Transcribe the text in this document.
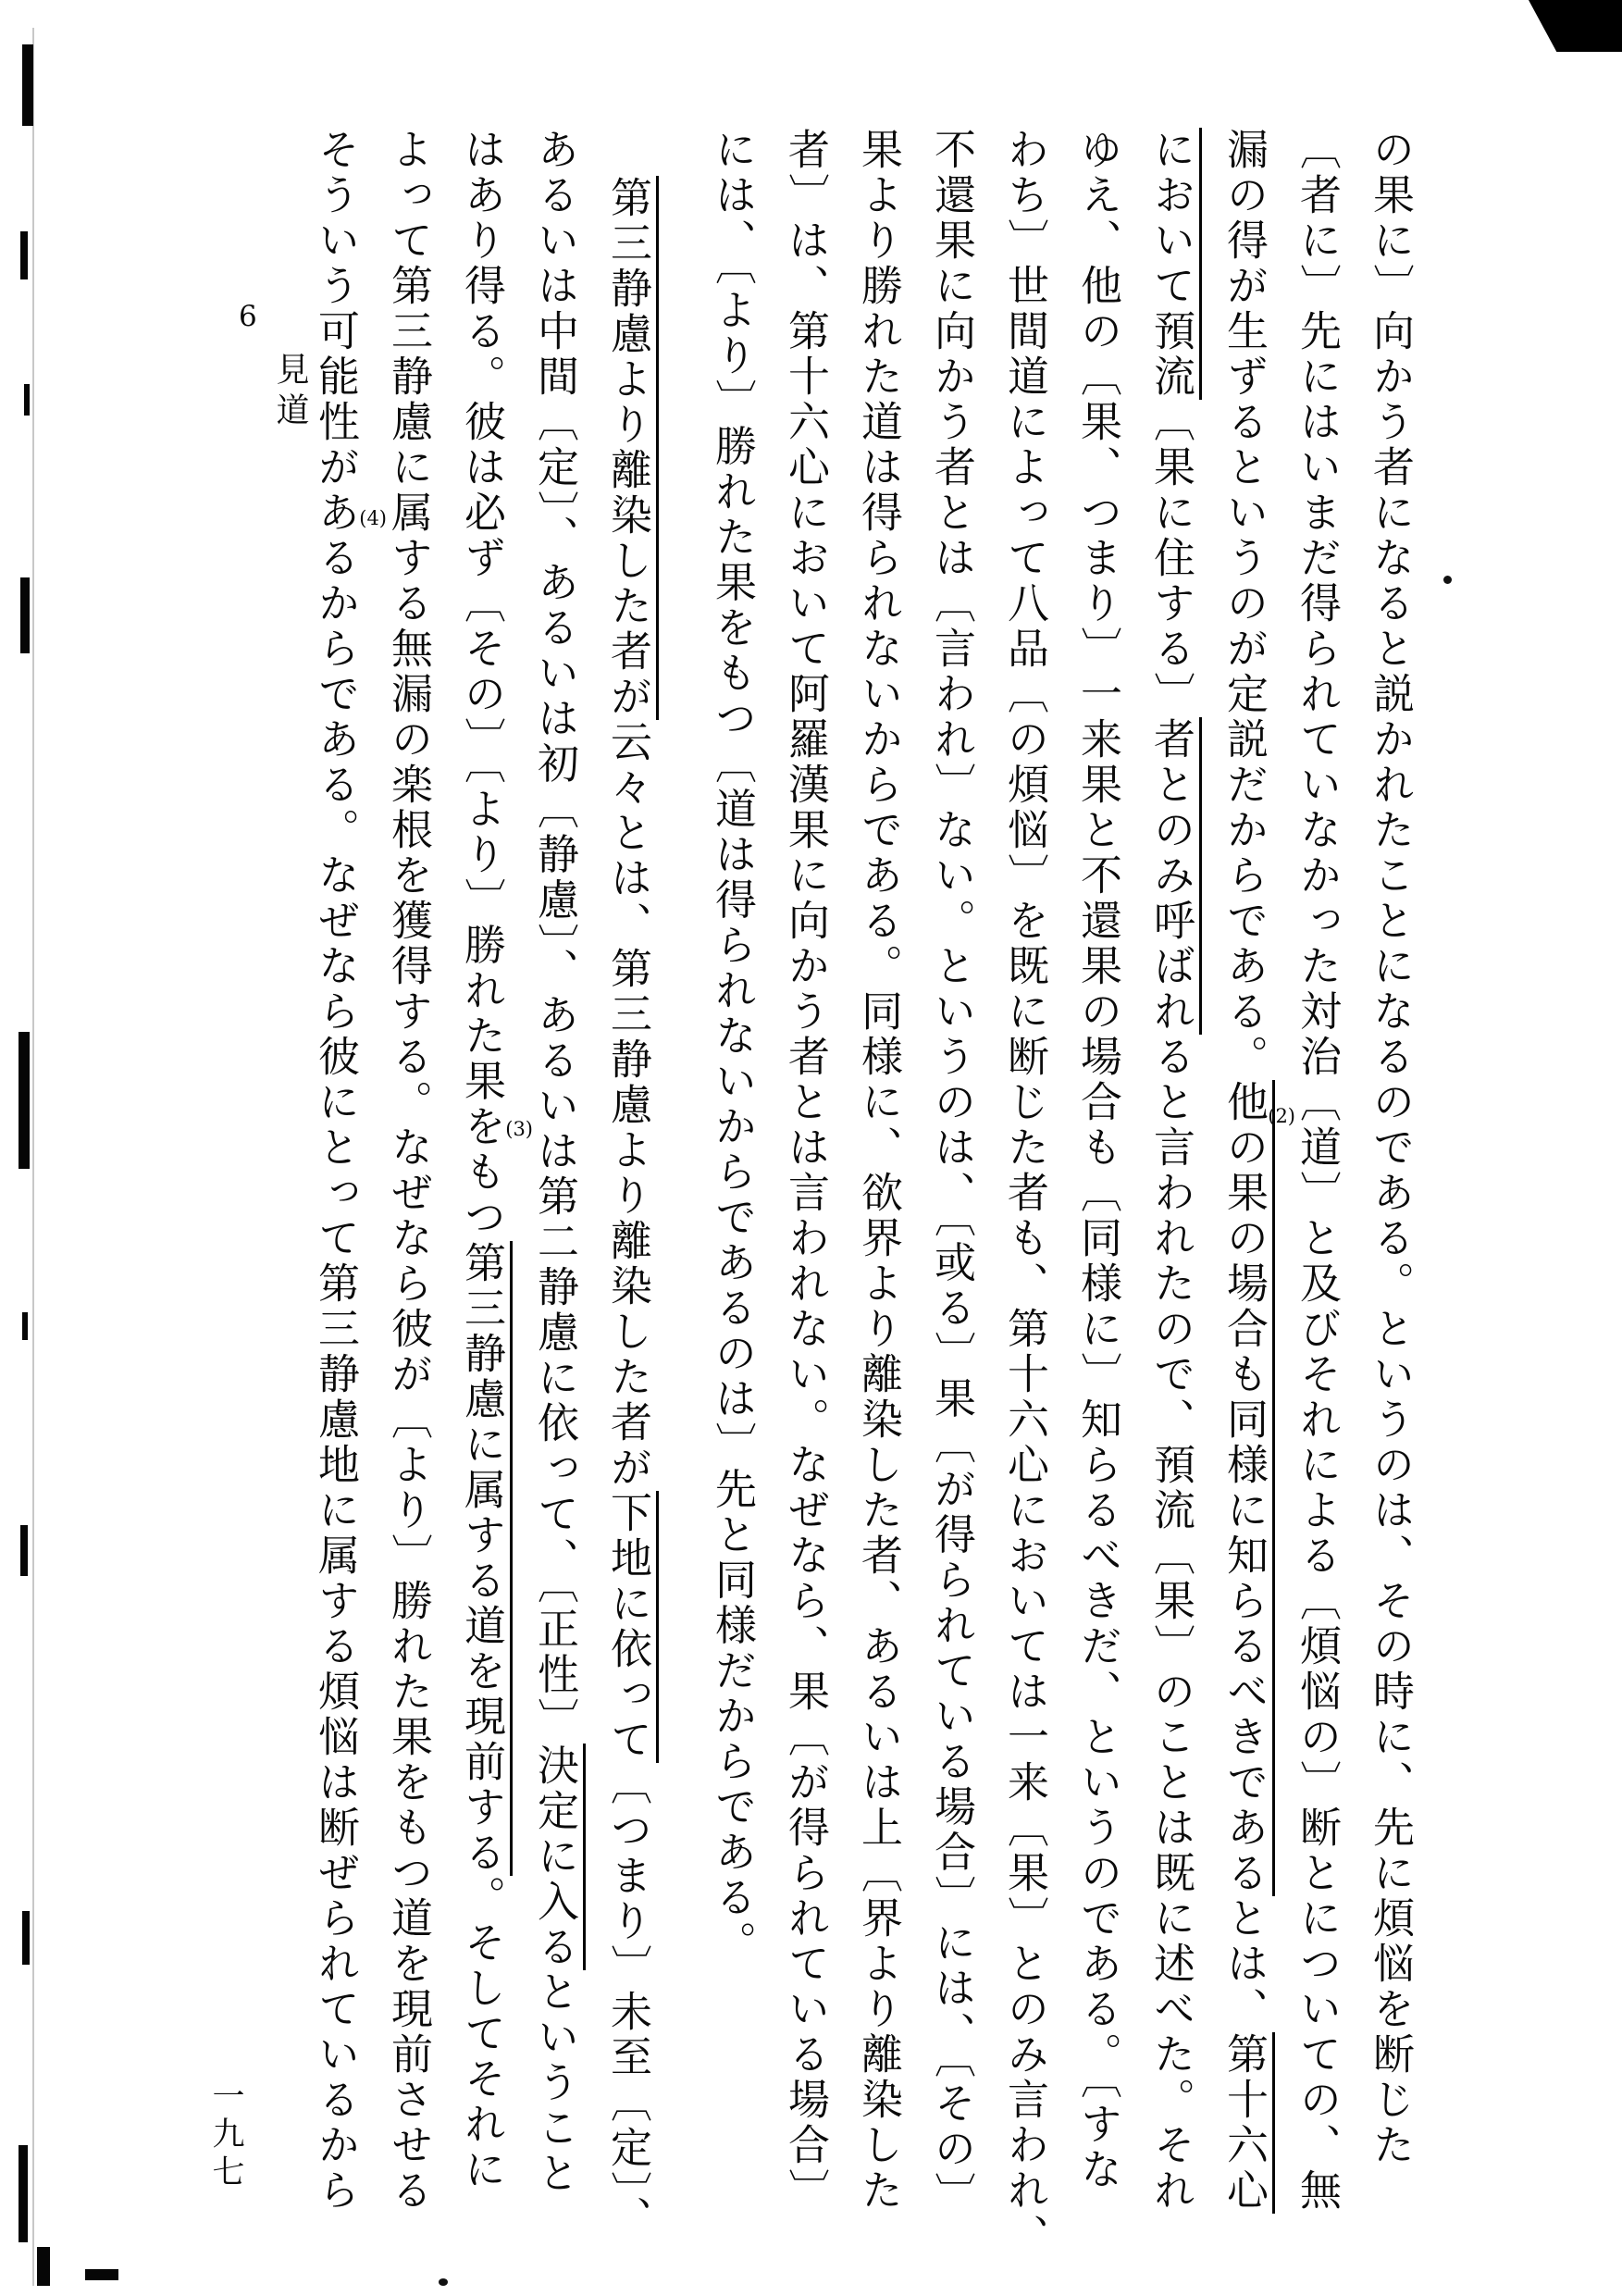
6
見道	の果に〕向かう者になると説かれたことになるのである。というのは、その時に、先に煩悩を断じた
〔者に〕先にはいまだ得られていなかった対治〔道〕と及びそれによる〔煩悩の〕断とについての、無
漏の得が生ずるというのが定説だからである。
(2)
他の果の場合も同様に知らるべきであるとは、第十六心
において預流〔果に住する〕者とのみ呼ばれると言われたので、預流〔果〕のことは既に述べた。それ
ゆえ、他の〔果、つまり〕一来果と不還果の場合も〔同様に〕知らるべきだ、というのである。〔すな
わち〕世間道によって八品〔の煩悩〕を既に断じた者も、第十六心においては一来〔果〕とのみ言われ、
不還果に向かう者とは〔言われ〕ない。というのは、〔或る〕果〔が得られている場合〕には、〔その〕
果より勝れた道は得られないからである。同様に、欲界より離染した者、あるいは上〔界より離染した
者〕は、第十六心において阿羅漢果に向かう者とは言われない。なぜなら、果〔が得られている場合〕
には、〔より〕勝れた果をもつ〔道は得られないからであるのは〕先と同様だからである。
第三静慮より離染した者が云々とは、第三静慮より離染した者が下地に依って〔つまり〕未至〔定〕、
あるいは中間〔定〕、あるいは初〔静慮〕、あるいは第二静慮に依って、〔正性〕決定に入るということ
はあり得る。彼は必ず〔その〕〔より〕勝れた果をも (3)
つ第三静慮に属する道を現前する。そしてそれに
よって第三静慮に属する無漏の楽根を獲得する。なぜなら彼が〔より〕勝れた果をもつ道を現前させる
そういう可能性
(4)
があるからである。なぜなら彼にとって第三静慮地に属する煩悩は断ぜられているから
一九七
